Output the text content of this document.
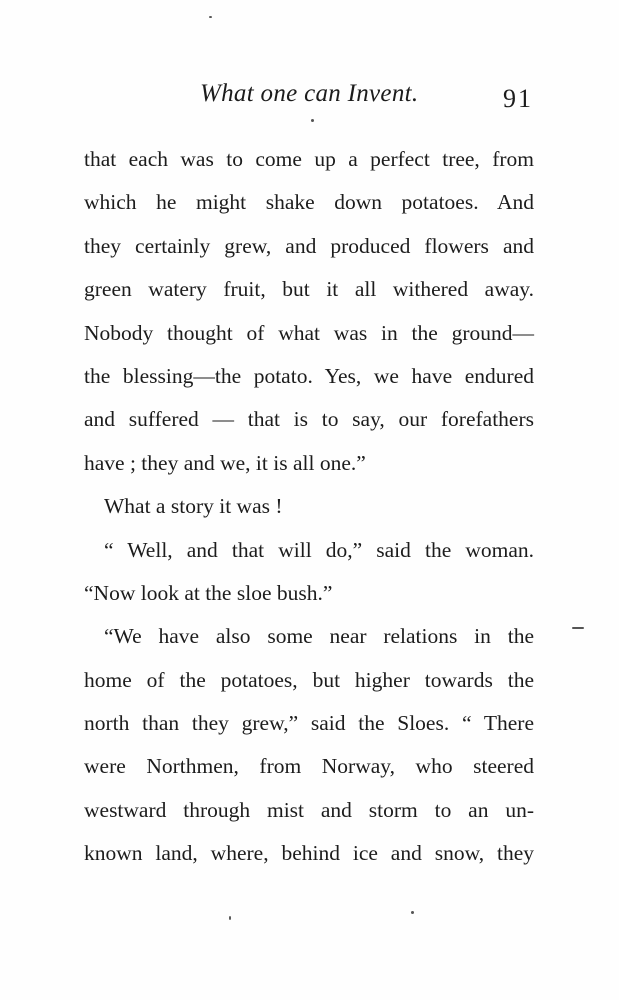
What one can Invent.	91
that each was to come up a perfect tree, from
which he might shake down potatoes. And
they certainly grew, and produced flowers and
green watery fruit, but it all withered away.
Nobody thought of what was in the ground—
the blessing—the potato. Yes, we have endured
and suffered — that is to say, our forefathers
have ; they and we, it is all one.”
What a story it was !
“ Well, and that will do,” said the woman.
“Now look at the sloe bush.”
“We have also some near relations in the
home of the potatoes, but higher towards the
north than they grew,” said the Sloes. “ There
were Northmen, from Norway, who steered
westward through mist and storm to an un-
known land, where, behind ice and snow, they
